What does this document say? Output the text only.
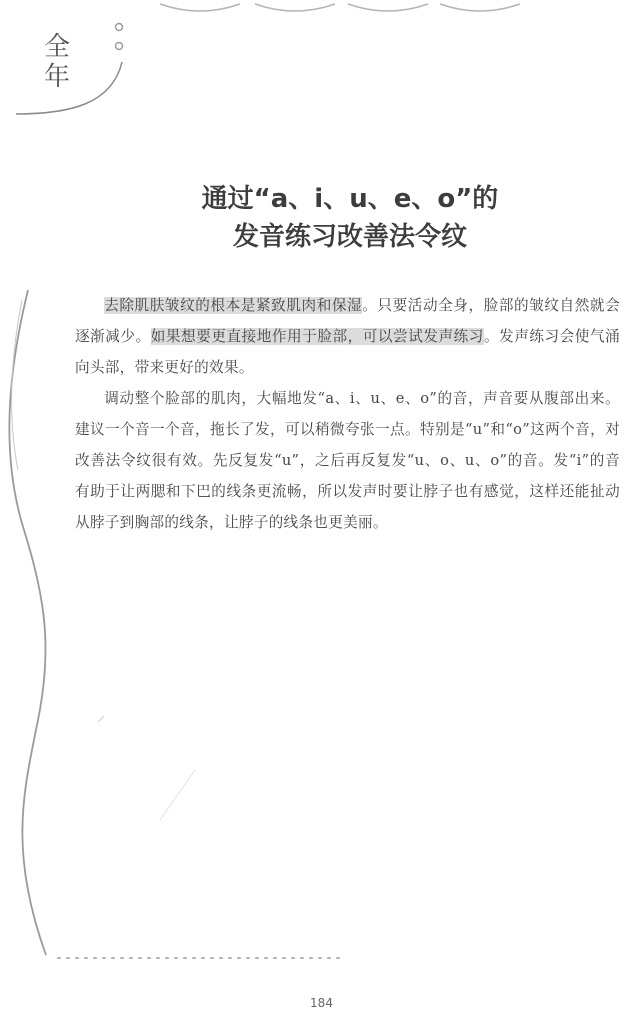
全
年
通过“a、i、u、e、o”的
发音练习改善法令纹

去除肌肤皱纹的根本是紧致肌肉和保湿。只要活动全身，脸部的皱纹自然就会逐渐减少。如果想要更直接地作用于脸部，可以尝试发声练习。发声练习会使气涌向头部，带来更好的效果。

调动整个脸部的肌肉，大幅地发“a、i、u、e、o”的音，声音要从腹部出来。建议一个音一个音，拖长了发，可以稍微夸张一点。特别是“u”和“o”这两个音，对改善法令纹很有效。先反复发“u”，之后再反复发“u、o、u、o”的音。发“i”的音有助于让两腮和下巴的线条更流畅，所以发声时要让脖子也有感觉，这样还能扯动从脖子到胸部的线条，让脖子的线条也更美丽。

184
